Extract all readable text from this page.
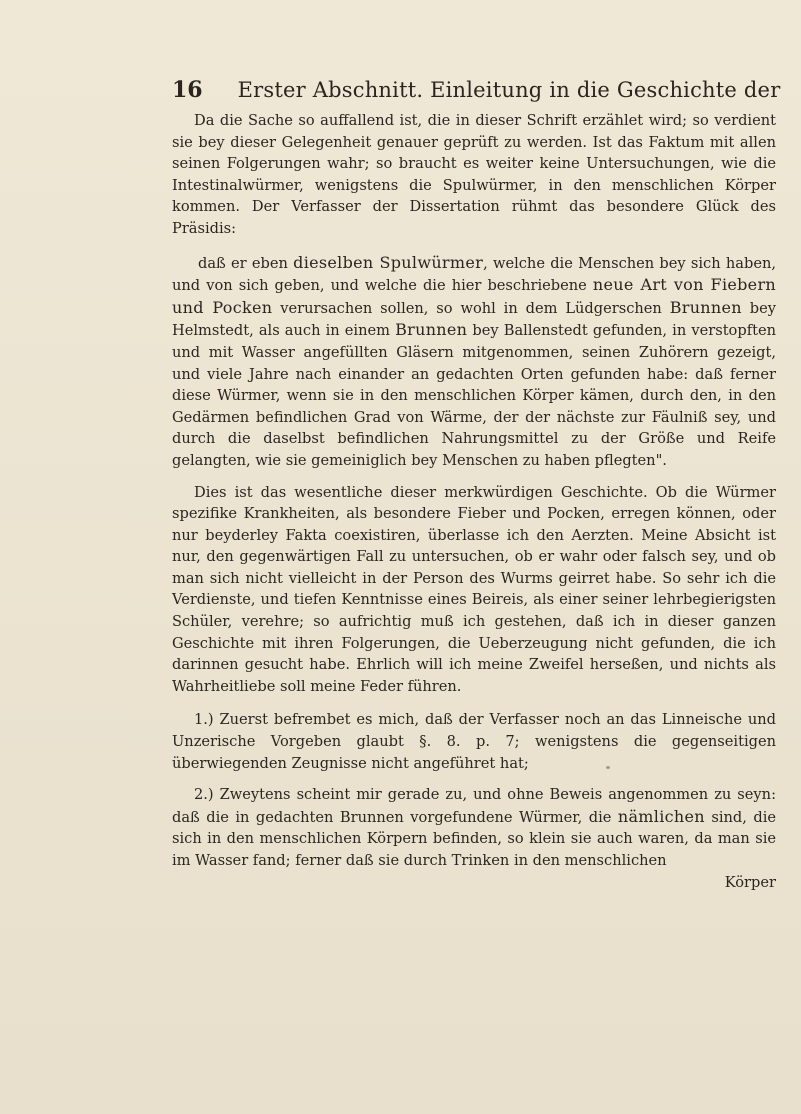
16 Erster Abschnitt. Einleitung in die Geschichte der

Da die Sache so auffallend ist, die in dieser Schrift erzählet wird; so verdient sie bey dieser Gelegenheit genauer geprüft zu werden. Ist das Faktum mit allen seinen Folgerungen wahr; so braucht es weiter keine Untersuchungen, wie die Intestinalwürmer, wenigstens die Spulwürmer, in den menschlichen Körper kommen. Der Verfasser der Dissertation rühmt das besondere Glück des Präsidis:

daß er eben dieselben Spulwürmer, welche die Menschen bey sich haben, und von sich geben, und welche die hier beschriebene neue Art von Fiebern und Pocken verursachen sollen, so wohl in dem Lüdgerschen Brunnen bey Helmstedt, als auch in einem Brunnen bey Ballenstedt gefunden, in verstopften und mit Wasser angefüllten Gläsern mitgenommen, seinen Zuhörern gezeigt, und viele Jahre nach einander an gedachten Orten gefunden habe: daß ferner diese Würmer, wenn sie in den menschlichen Körper kämen, durch den, in den Gedärmen befindlichen Grad von Wärme, der der nächste zur Fäulniß sey, und durch die daselbst befindlichen Nahrungsmittel zu der Größe und Reife gelangten, wie sie gemeiniglich bey Menschen zu haben pflegten".

Dies ist das wesentliche dieser merkwürdigen Geschichte. Ob die Würmer spezifike Krankheiten, als besondere Fieber und Pocken, erregen können, oder nur beyderley Fakta coexistiren, überlasse ich den Aerzten. Meine Absicht ist nur, den gegenwärtigen Fall zu untersuchen, ob er wahr oder falsch sey, und ob man sich nicht vielleicht in der Person des Wurms geirret habe. So sehr ich die Verdienste, und tiefen Kenntnisse eines Beireis, als einer seiner lehrbegierigsten Schüler, verehre; so aufrichtig muß ich gestehen, daß ich in dieser ganzen Geschichte mit ihren Folgerungen, die Ueberzeugung nicht gefunden, die ich darinnen gesucht habe. Ehrlich will ich meine Zweifel herseßen, und nichts als Wahrheitliebe soll meine Feder führen.

1.) Zuerst befrembet es mich, daß der Verfasser noch an das Linneische und Unzerische Vorgeben glaubt §. 8. p. 7; wenigstens die gegenseitigen überwiegenden Zeugnisse nicht angeführet hat;

2.) Zweytens scheint mir gerade zu, und ohne Beweis angenommen zu seyn: daß die in gedachten Brunnen vorgefundene Würmer, die nämlichen sind, die sich in den menschlichen Körpern befinden, so klein sie auch waren, da man sie im Wasser fand; ferner daß sie durch Trinken in den menschlichen

Körper
